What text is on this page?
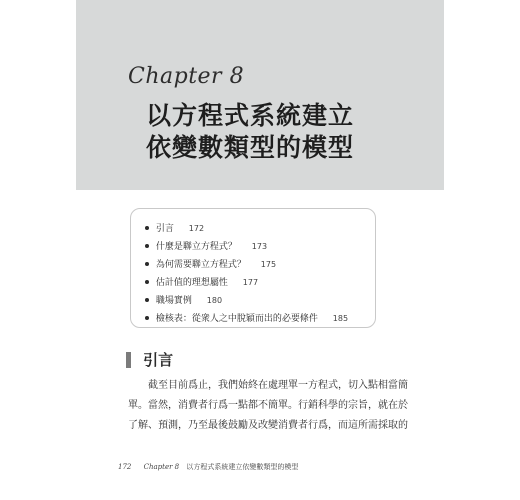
Chapter 8
以方程式系統建立
依變數類型的模型
引言 172
什麼是聯立方程式？ 173
為何需要聯立方程式？ 175
估計值的理想屬性 177
職場實例 180
檢核表：從衆人之中脫穎而出的必要條件 185
引言
截至目前爲止，我們始終在處理單一方程式，切入點相當簡
單。當然，消費者行爲一點都不簡單。行銷科學的宗旨，就在於
了解、預測，乃至最後鼓勵及改變消費者行爲，而這所需採取的
172 Chapter 8 以方程式系統建立依變數類型的模型
